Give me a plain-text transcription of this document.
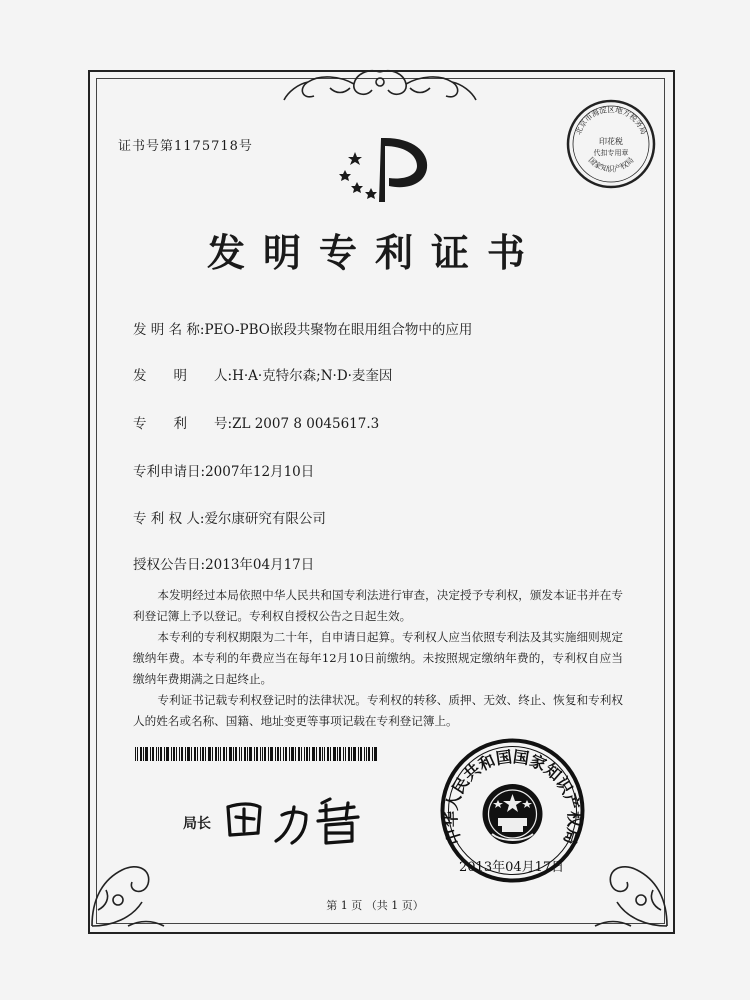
证书号第1175718号
北京市海淀区地方税务局
国家知识产权局
印花税
代扣专用章
发明专利证书
发 明 名 称:PEO-PBO嵌段共聚物在眼用组合物中的应用
发　　明　　人:H·A·克特尔森;N·D·麦奎因
专　　利　　号:ZL 2007 8 0045617.3
专利申请日:2007年12月10日
专 利 权 人:爱尔康研究有限公司
授权公告日:2013年04月17日

本发明经过本局依照中华人民共和国专利法进行审查，决定授予专利权，颁发本证书并在专利登记簿上予以登记。专利权自授权公告之日起生效。

本专利的专利权期限为二十年，自申请日起算。专利权人应当依照专利法及其实施细则规定缴纳年费。本专利的年费应当在每年12月10日前缴纳。未按照规定缴纳年费的，专利权自应当缴纳年费期满之日起终止。

专利证书记载专利权登记时的法律状况。专利权的转移、质押、无效、终止、恢复和专利权人的姓名或名称、国籍、地址变更等事项记载在专利登记簿上。

局长
中华人民共和国国家知识产权局
2013年04月17日
第 1 页 （共 1 页）
